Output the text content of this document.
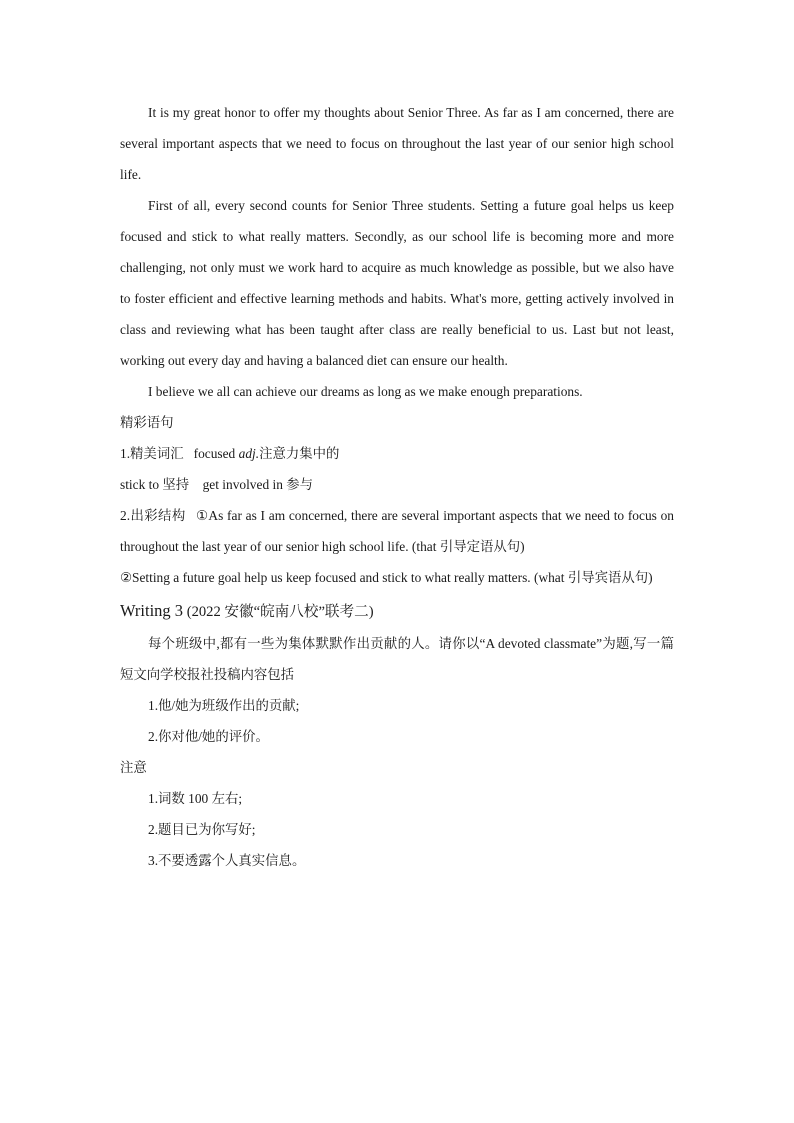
It is my great honor to offer my thoughts about Senior Three. As far as I am concerned, there are several important aspects that we need to focus on throughout the last year of our senior high school life.

First of all, every second counts for Senior Three students. Setting a future goal helps us keep focused and stick to what really matters. Secondly, as our school life is becoming more and more challenging, not only must we work hard to acquire as much knowledge as possible, but we also have to foster efficient and effective learning methods and habits. What's more, getting actively involved in class and reviewing what has been taught after class are really beneficial to us. Last but not least, working out every day and having a balanced diet can ensure our health.

I believe we all can achieve our dreams as long as we make enough preparations.

精彩语句

1.精美词汇 focused adj.注意力集中的

stick to 坚持    get involved in 参与

2.出彩结构 ①As far as I am concerned, there are several important aspects that we need to focus on throughout the last year of our senior high school life. (that 引导定语从句)

②Setting a future goal help us keep focused and stick to what really matters. (what 引导宾语从句)

Writing 3 (2022 安徽“皖南八校”联考二)

每个班级中,都有一些为集体默默作出贡献的人。请你以“A devoted classmate”为题,写一篇短文向学校报社投稿内容包括

1.他/她为班级作出的贡献;

2.你对他/她的评价。

注意

1.词数 100 左右;

2.题目已为你写好;

3.不要透露个人真实信息。
